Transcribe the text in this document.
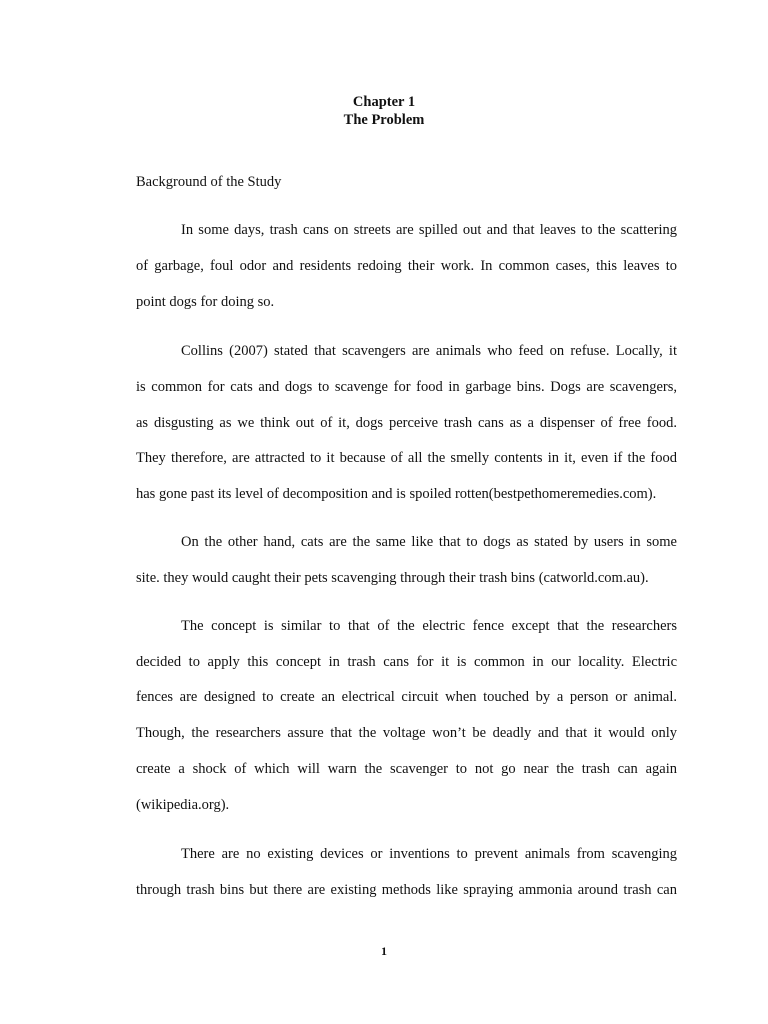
Chapter 1
The Problem
Background of the Study
In some days, trash cans on streets are spilled out and that leaves to the scattering
of garbage, foul odor and residents redoing their work. In common cases, this leaves to
point dogs for doing so.
Collins (2007) stated that scavengers are animals who feed on refuse. Locally, it
is common for cats and dogs to scavenge for food in garbage bins. Dogs are scavengers,
as disgusting as we think out of it, dogs perceive trash cans as a dispenser of free food.
They therefore, are attracted to it because of all the smelly contents in it, even if the food
has gone past its level of decomposition and is spoiled rotten(bestpethomeremedies.com).
On the other hand, cats are the same like that to dogs as stated by users in some
site. they would caught their pets scavenging through their trash bins (catworld.com.au).
The concept is similar to that of the electric fence except that the researchers
decided to apply this concept in trash cans for it is common in our locality. Electric
fences are designed to create an electrical circuit when touched by a person or animal.
Though, the researchers assure that the voltage won’t be deadly and that it would only
create a shock of which will warn the scavenger to not go near the trash can again
(wikipedia.org).
There are no existing devices or inventions to prevent animals from scavenging
through trash bins but there are existing methods like spraying ammonia around trash can
1
